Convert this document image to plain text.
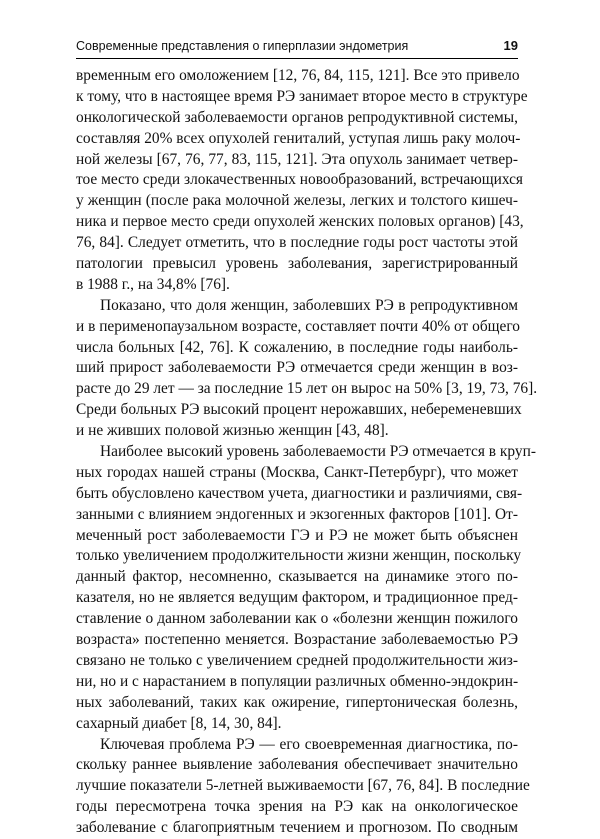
Современные представления о гиперплазии эндометрия	19
временным его омоложением [12, 76, 84, 115, 121]. Все это привело
к тому, что в настоящее время РЭ занимает второе место в структуре
онкологической заболеваемости органов репродуктивной системы,
составляя 20% всех опухолей гениталий, уступая лишь раку молоч-
ной железы [67, 76, 77, 83, 115, 121]. Эта опухоль занимает четвер-
тое место среди злокачественных новообразований, встречающихся
у женщин (после рака молочной железы, легких и толстого кишеч-
ника и первое место среди опухолей женских половых органов) [43,
76, 84]. Следует отметить, что в последние годы рост частоты этой
патологии превысил уровень заболевания, зарегистрированный
в 1988 г., на 34,8% [76].
Показано, что доля женщин, заболевших РЭ в репродуктивном
и в перименопаузальном возрасте, составляет почти 40% от общего
числа больных [42, 76]. К сожалению, в последние годы наиболь-
ший прирост заболеваемости РЭ отмечается среди женщин в воз-
расте до 29 лет — за последние 15 лет он вырос на 50% [3, 19, 73, 76].
Среди больных РЭ высокий процент нерожавших, небеременевших
и не живших половой жизнью женщин [43, 48].
Наиболее высокий уровень заболеваемости РЭ отмечается в круп-
ных городах нашей страны (Москва, Санкт-Петербург), что может
быть обусловлено качеством учета, диагностики и различиями, свя-
занными с влиянием эндогенных и экзогенных факторов [101]. От-
меченный рост заболеваемости ГЭ и РЭ не может быть объяснен
только увеличением продолжительности жизни женщин, поскольку
данный фактор, несомненно, сказывается на динамике этого по-
казателя, но не является ведущим фактором, и традиционное пред-
ставление о данном заболевании как о «болезни женщин пожилого
возраста» постепенно меняется. Возрастание заболеваемостью РЭ
связано не только с увеличением средней продолжительности жиз-
ни, но и с нарастанием в популяции различных обменно-эндокрин-
ных заболеваний, таких как ожирение, гипертоническая болезнь,
сахарный диабет [8, 14, 30, 84].
Ключевая проблема РЭ — его своевременная диагностика, по-
скольку раннее выявление заболевания обеспечивает значительно
лучшие показатели 5-летней выживаемости [67, 76, 84]. В последние
годы пересмотрена точка зрения на РЭ как на онкологическое
заболевание с благоприятным течением и прогнозом. По сводным
